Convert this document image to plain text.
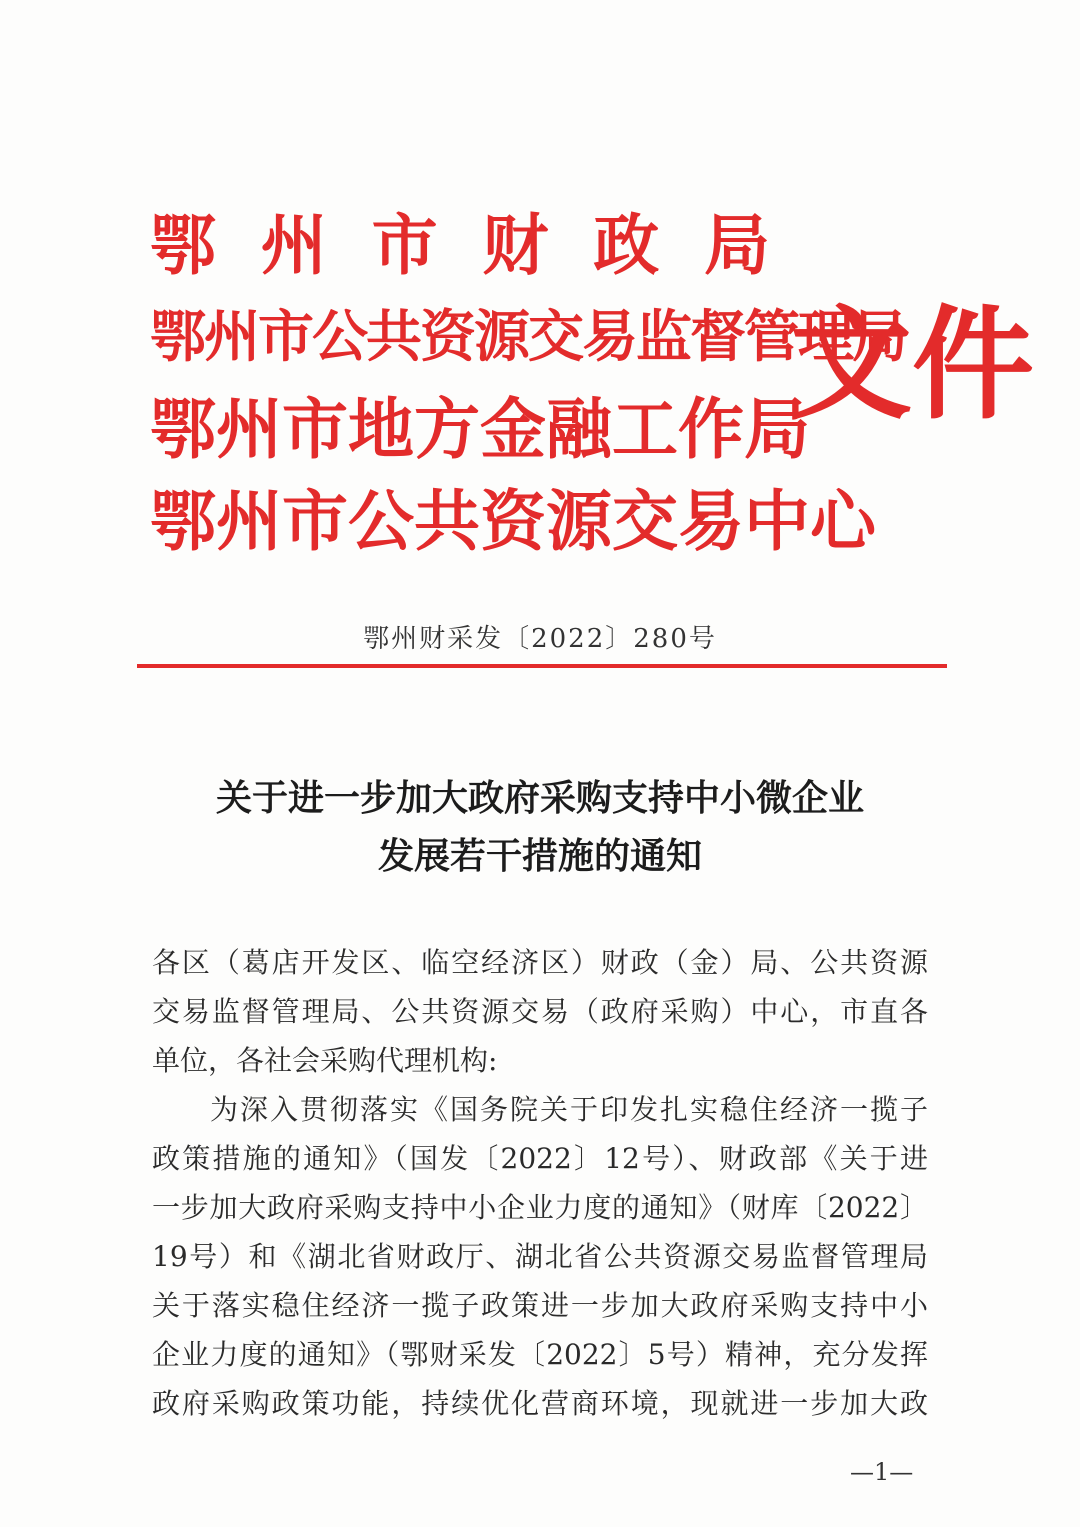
鄂 州 市 财 政 局
鄂州市公共资源交易监督管理局
鄂 州 市 地 方 金 融 工 作 局
鄂 州 市 公 共 资 源 交 易 中 心
文件
鄂州财采发〔2022〕280号
关于进一步加大政府采购支持中小微企业
发展若干措施的通知
各区（葛店开发区、临空经济区）财政（金）局、公共资源
交易监督管理局、公共资源交易（政府采购）中心，市直各
单位，各社会采购代理机构:
为深入贯彻落实《国务院关于印发扎实稳住经济一揽子
政策措施的通知》（国发〔2022〕12号）、财政部《关于进
一步加大政府采购支持中小企业力度的通知》（财库〔2022〕
19号）和《湖北省财政厅、湖北省公共资源交易监督管理局
关于落实稳住经济一揽子政策进一步加大政府采购支持中小
企业力度的通知》（鄂财采发〔2022〕5号）精神，充分发挥
政府采购政策功能，持续优化营商环境，现就进一步加大政
—1—
